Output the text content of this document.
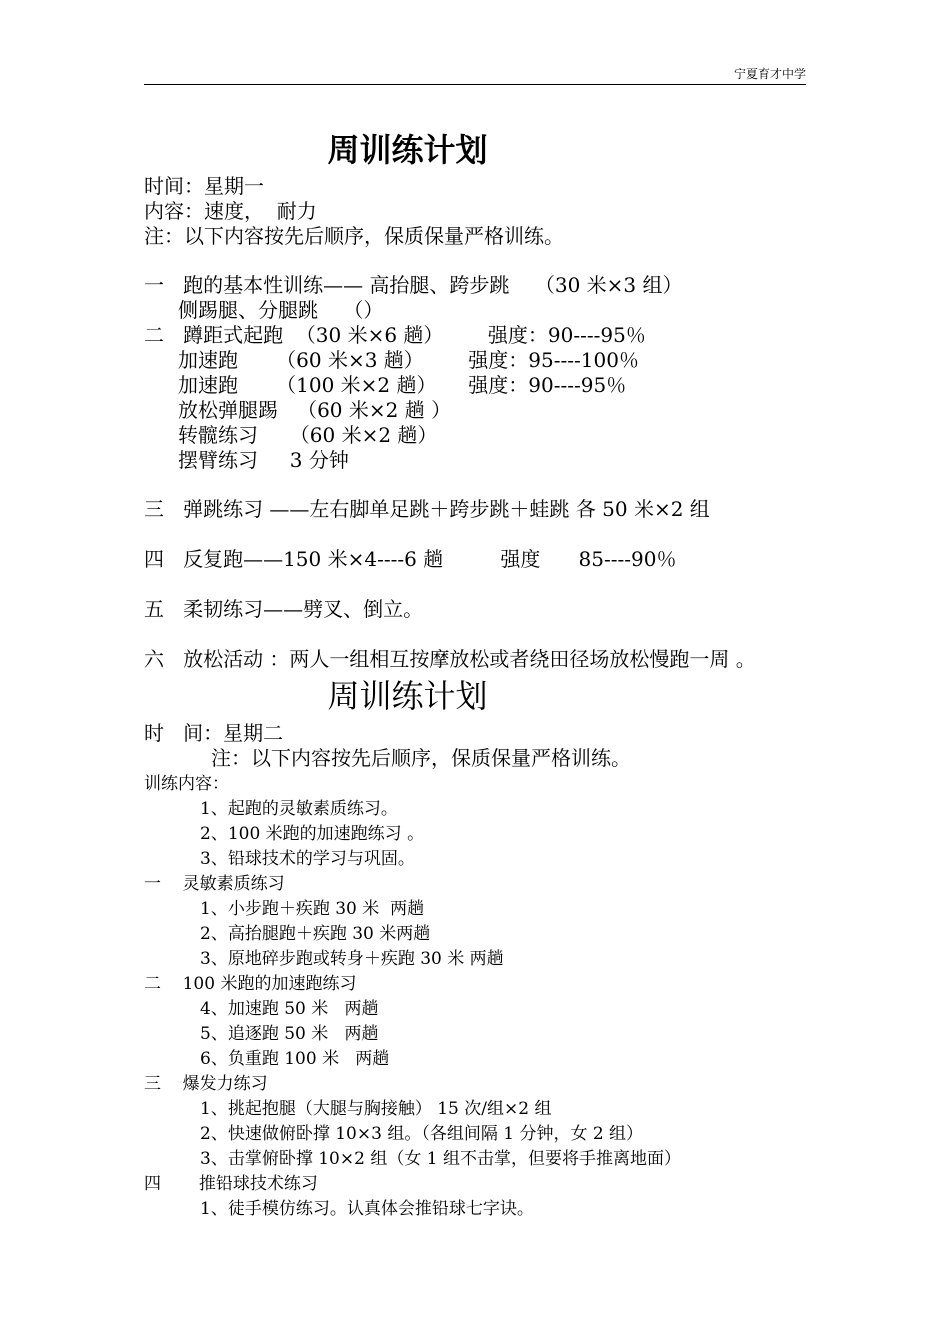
宁夏育才中学
周训练计划
时间：星期一
内容：速度，  耐力
注：以下内容按先后顺序，保质保量严格训练。
一   跑的基本性训练—— 高抬腿、跨步跳    （30 米×3 组）
侧踢腿、分腿跳    （）
二   蹲距式起跑  （30 米×6 趟）       强度：90----95％
加速跑      （60 米×3 趟）       强度：95----100％
加速跑      （100 米×2 趟）     强度：90----95％
放松弹腿踢   （60 米×2 趟 ）
转髋练习     （60 米×2 趟）
摆臂练习     3 分钟
三   弹跳练习 ——左右脚单足跳＋跨步跳＋蛙跳 各 50 米×2 组
四   反复跑——150 米×4----6 趟         强度      85----90％
五   柔韧练习——劈叉、倒立。
六   放松活动 ：两人一组相互按摩放松或者绕田径场放松慢跑一周 。
周训练计划
时   间：星期二
注：以下内容按先后顺序，保质保量严格训练。
训练内容：
1、起跑的灵敏素质练习。
2、100 米跑的加速跑练习 。
3、铅球技术的学习与巩固。
一    灵敏素质练习
1、小步跑＋疾跑 30 米  两趟
2、高抬腿跑＋疾跑 30 米两趟
3、原地碎步跑或转身＋疾跑 30 米 两趟
二    100 米跑的加速跑练习
4、加速跑 50 米   两趟
5、追逐跑 50 米   两趟
6、负重跑 100 米   两趟
三    爆发力练习
1、挑起抱腿（大腿与胸接触） 15 次/组×2 组
2、快速做俯卧撑 10×3 组。（各组间隔 1 分钟，女 2 组）
3、击掌俯卧撑 10×2 组（女 1 组不击掌，但要将手推离地面）
四       推铅球技术练习
1、徒手模仿练习。认真体会推铅球七字诀。
